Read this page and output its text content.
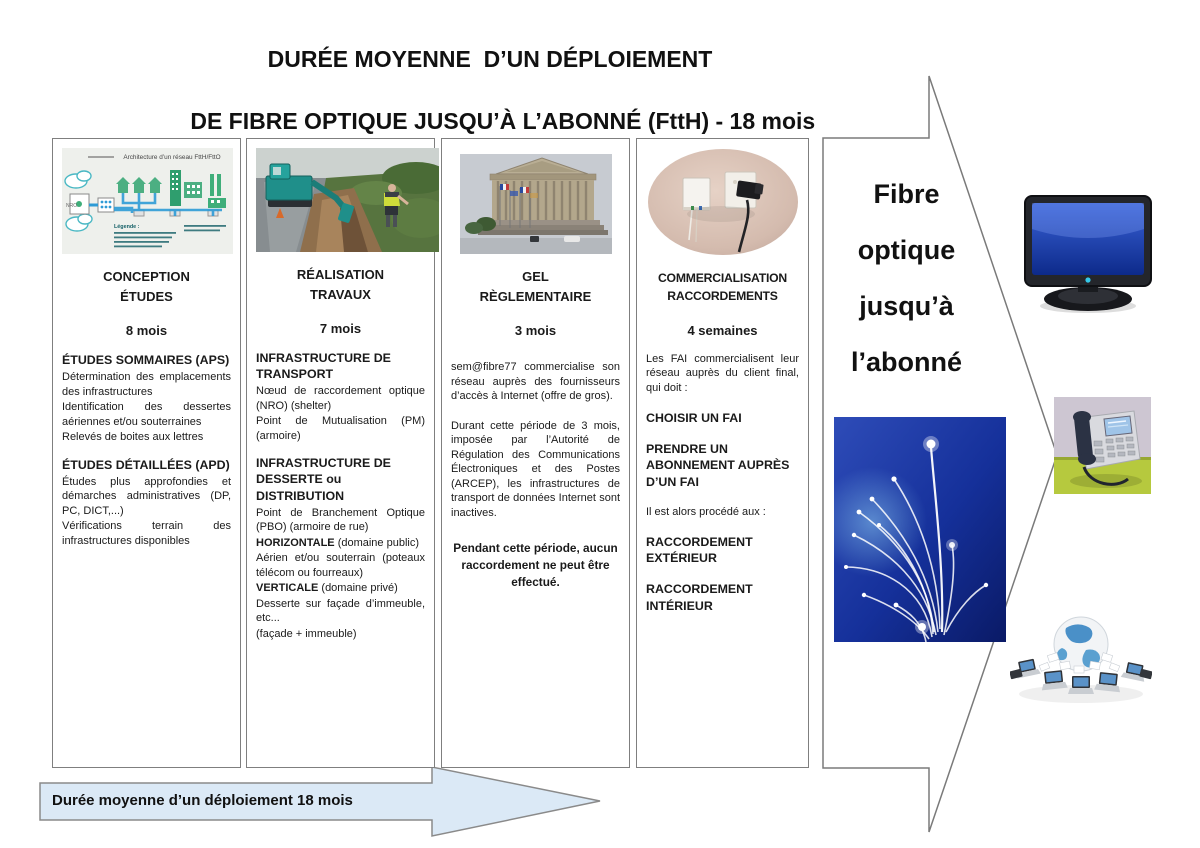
DURÉE MOYENNE  D’UN DÉPLOIEMENT

DE FIBRE OPTIQUE JUSQU’À L’ABONNÉ (FttH) - 18 mois
Architecture d’un réseau FttH/FttO
NRO
Légende :
CONCEPTION
ÉTUDES
8 mois
ÉTUDES SOMMAIRES (APS)
Détermination des emplacements des infrastructures
Identification des dessertes aériennes et/ou souterraines
Relevés de boites aux lettres
ÉTUDES DÉTAILLÉES (APD)
Études plus approfondies et démarches administratives (DP, PC, DICT,...)
Vérifications terrain des infrastructures disponibles
RÉALISATION
TRAVAUX
7 mois
INFRASTRUCTURE DE TRANSPORT
Nœud de raccordement optique (NRO) (shelter)
Point de Mutualisation (PM) (armoire)
INFRASTRUCTURE DE DESSERTE ou DISTRIBUTION
Point de Branchement Optique (PBO) (armoire de rue)
HORIZONTALE (domaine public)
Aérien et/ou souterrain (poteaux télécom ou fourreaux)
VERTICALE (domaine privé)
Desserte sur façade d’immeuble, etc...
(façade + immeuble)
GEL
RÈGLEMENTAIRE
3 mois
sem@fibre77 commercialise son réseau auprès des fournisseurs d’accès à Internet (offre de gros).
Durant cette période de 3 mois, imposée par l’Autorité de Régulation des Communications Électroniques et des Postes (ARCEP), les infrastructures de transport de données Internet sont inactives.
Pendant cette période, aucun raccordement ne peut être effectué.
COMMERCIALISATION
RACCORDEMENTS
4 semaines
Les FAI commercialisent leur réseau auprès du client final, qui doit :
CHOISIR UN FAI
PRENDRE UN ABONNEMENT AUPRÈS D’UN FAI
Il est alors procédé aux :
RACCORDEMENT EXTÉRIEUR
RACCORDEMENT INTÉRIEUR
Fibre
optique
jusqu’à
l’abonné
Durée moyenne d’un déploiement 18 mois
